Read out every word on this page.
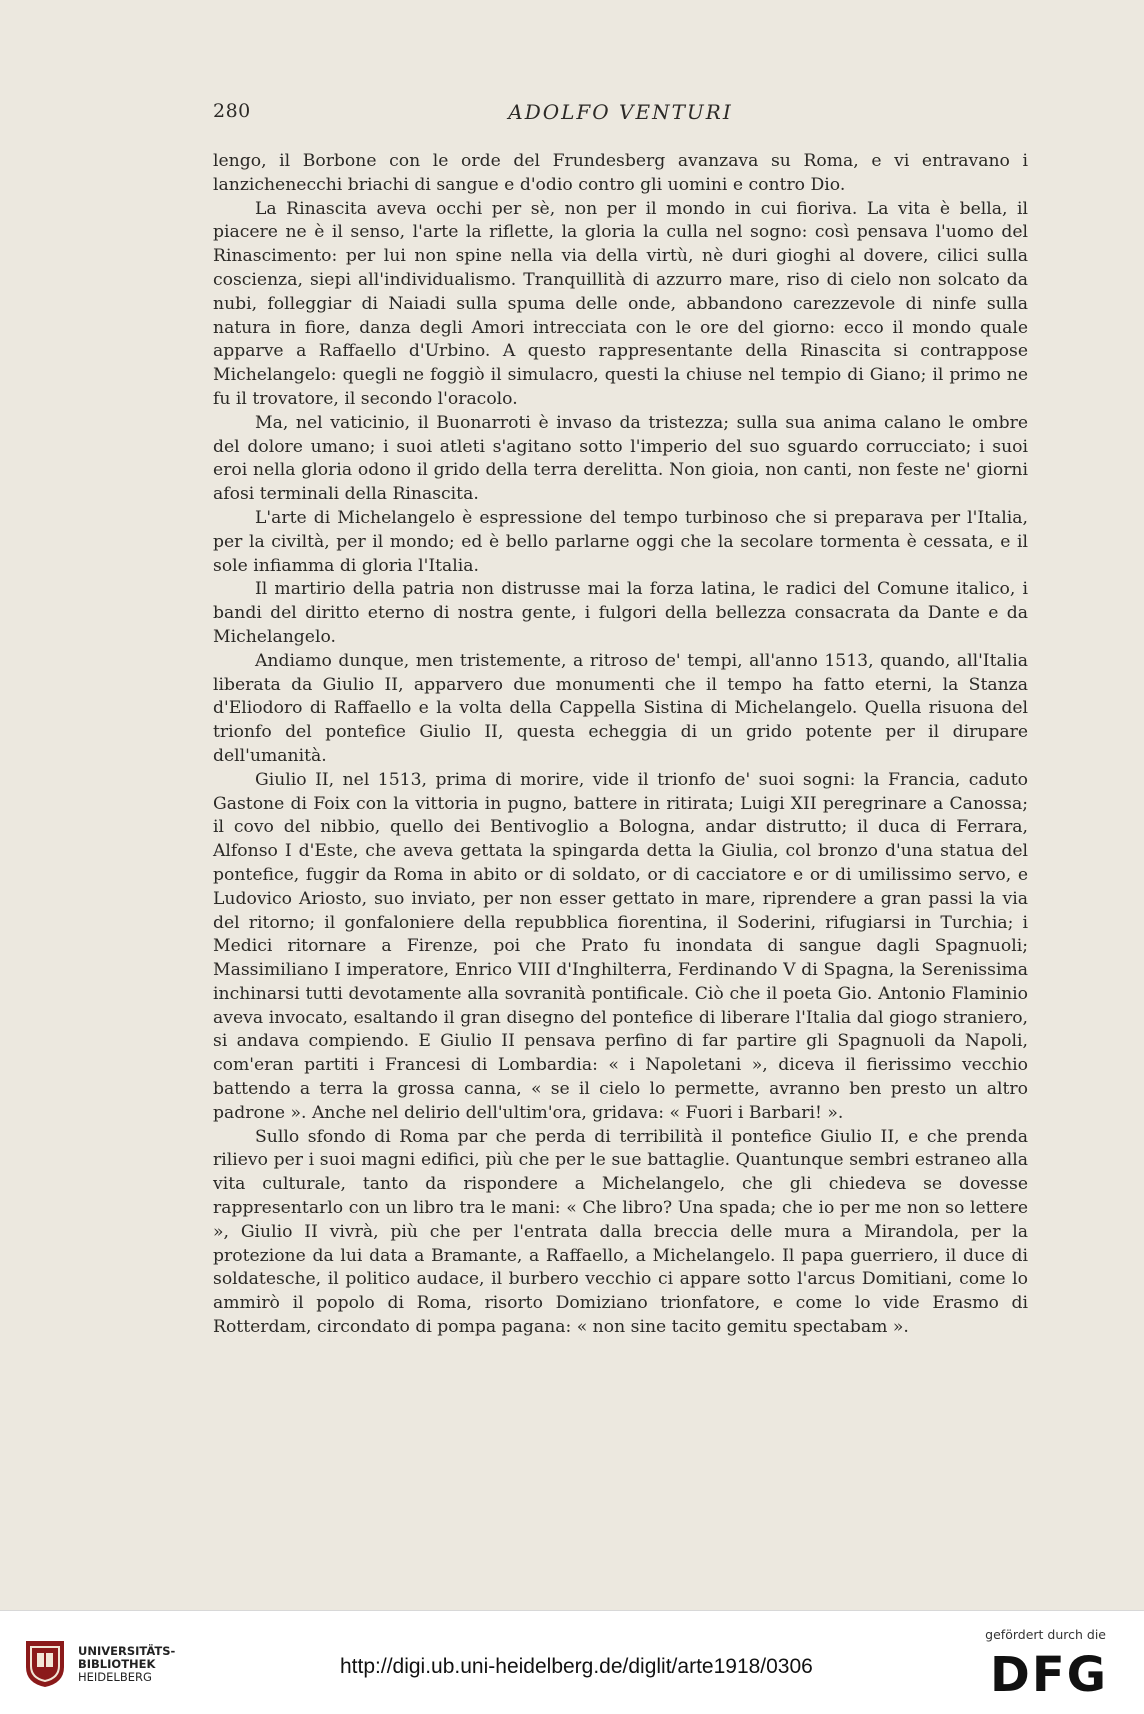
280	ADOLFO VENTURI

lengo, il Borbone con le orde del Frundesberg avanzava su Roma, e vi entravano i lanzichenecchi briachi di sangue e d'odio contro gli uomini e contro Dio.

La Rinascita aveva occhi per sè, non per il mondo in cui fioriva. La vita è bella, il piacere ne è il senso, l'arte la riflette, la gloria la culla nel sogno: così pensava l'uomo del Rinascimento: per lui non spine nella via della virtù, nè duri gioghi al dovere, cilici sulla coscienza, siepi all'individualismo. Tranquillità di azzurro mare, riso di cielo non solcato da nubi, folleggiar di Naiadi sulla spuma delle onde, abbandono carezzevole di ninfe sulla natura in fiore, danza degli Amori intrecciata con le ore del giorno: ecco il mondo quale apparve a Raffaello d'Urbino. A questo rappresentante della Rinascita si contrappose Michelangelo: quegli ne foggiò il simulacro, questi la chiuse nel tempio di Giano; il primo ne fu il trovatore, il secondo l'oracolo.

Ma, nel vaticinio, il Buonarroti è invaso da tristezza; sulla sua anima calano le ombre del dolore umano; i suoi atleti s'agitano sotto l'imperio del suo sguardo corrucciato; i suoi eroi nella gloria odono il grido della terra derelitta. Non gioia, non canti, non feste ne' giorni afosi terminali della Rinascita.

L'arte di Michelangelo è espressione del tempo turbinoso che si preparava per l'Italia, per la civiltà, per il mondo; ed è bello parlarne oggi che la secolare tormenta è cessata, e il sole infiamma di gloria l'Italia.

Il martirio della patria non distrusse mai la forza latina, le radici del Comune italico, i bandi del diritto eterno di nostra gente, i fulgori della bellezza consacrata da Dante e da Michelangelo.

Andiamo dunque, men tristemente, a ritroso de' tempi, all'anno 1513, quando, all'Italia liberata da Giulio II, apparvero due monumenti che il tempo ha fatto eterni, la Stanza d'Eliodoro di Raffaello e la volta della Cappella Sistina di Michelangelo. Quella risuona del trionfo del pontefice Giulio II, questa echeggia di un grido potente per il dirupare dell'umanità.

Giulio II, nel 1513, prima di morire, vide il trionfo de' suoi sogni: la Francia, caduto Gastone di Foix con la vittoria in pugno, battere in ritirata; Luigi XII peregrinare a Canossa; il covo del nibbio, quello dei Bentivoglio a Bologna, andar distrutto; il duca di Ferrara, Alfonso I d'Este, che aveva gettata la spingarda detta la Giulia, col bronzo d'una statua del pontefice, fuggir da Roma in abito or di soldato, or di cacciatore e or di umilissimo servo, e Ludovico Ariosto, suo inviato, per non esser gettato in mare, riprendere a gran passi la via del ritorno; il gonfaloniere della repubblica fiorentina, il Soderini, rifugiarsi in Turchia; i Medici ritornare a Firenze, poi che Prato fu inondata di sangue dagli Spagnuoli; Massimiliano I imperatore, Enrico VIII d'Inghilterra, Ferdinando V di Spagna, la Serenissima inchinarsi tutti devotamente alla sovranità pontificale. Ciò che il poeta Gio. Antonio Flaminio aveva invocato, esaltando il gran disegno del pontefice di liberare l'Italia dal giogo straniero, si andava compiendo. E Giulio II pensava perfino di far partire gli Spagnuoli da Napoli, com'eran partiti i Francesi di Lombardia: « i Napoletani », diceva il fierissimo vecchio battendo a terra la grossa canna, « se il cielo lo permette, avranno ben presto un altro padrone ». Anche nel delirio dell'ultim'ora, gridava: « Fuori i Barbari! ».

Sullo sfondo di Roma par che perda di terribilità il pontefice Giulio II, e che prenda rilievo per i suoi magni edifici, più che per le sue battaglie. Quantunque sembri estraneo alla vita culturale, tanto da rispondere a Michelangelo, che gli chiedeva se dovesse rappresentarlo con un libro tra le mani: « Che libro? Una spada; che io per me non so lettere », Giulio II vivrà, più che per l'entrata dalla breccia delle mura a Mirandola, per la protezione da lui data a Bramante, a Raffaello, a Michelangelo. Il papa guerriero, il duce di soldatesche, il politico audace, il burbero vecchio ci appare sotto l'arcus Domitiani, come lo ammirò il popolo di Roma, risorto Domiziano trionfatore, e come lo vide Erasmo di Rotterdam, circondato di pompa pagana: « non sine tacito gemitu spectabam ».

UNIVERSITÄTS-
BIBLIOTHEK
HEIDELBERG	http://digi.ub.uni-heidelberg.de/diglit/arte1918/0306
gefördert durch die
DFG
